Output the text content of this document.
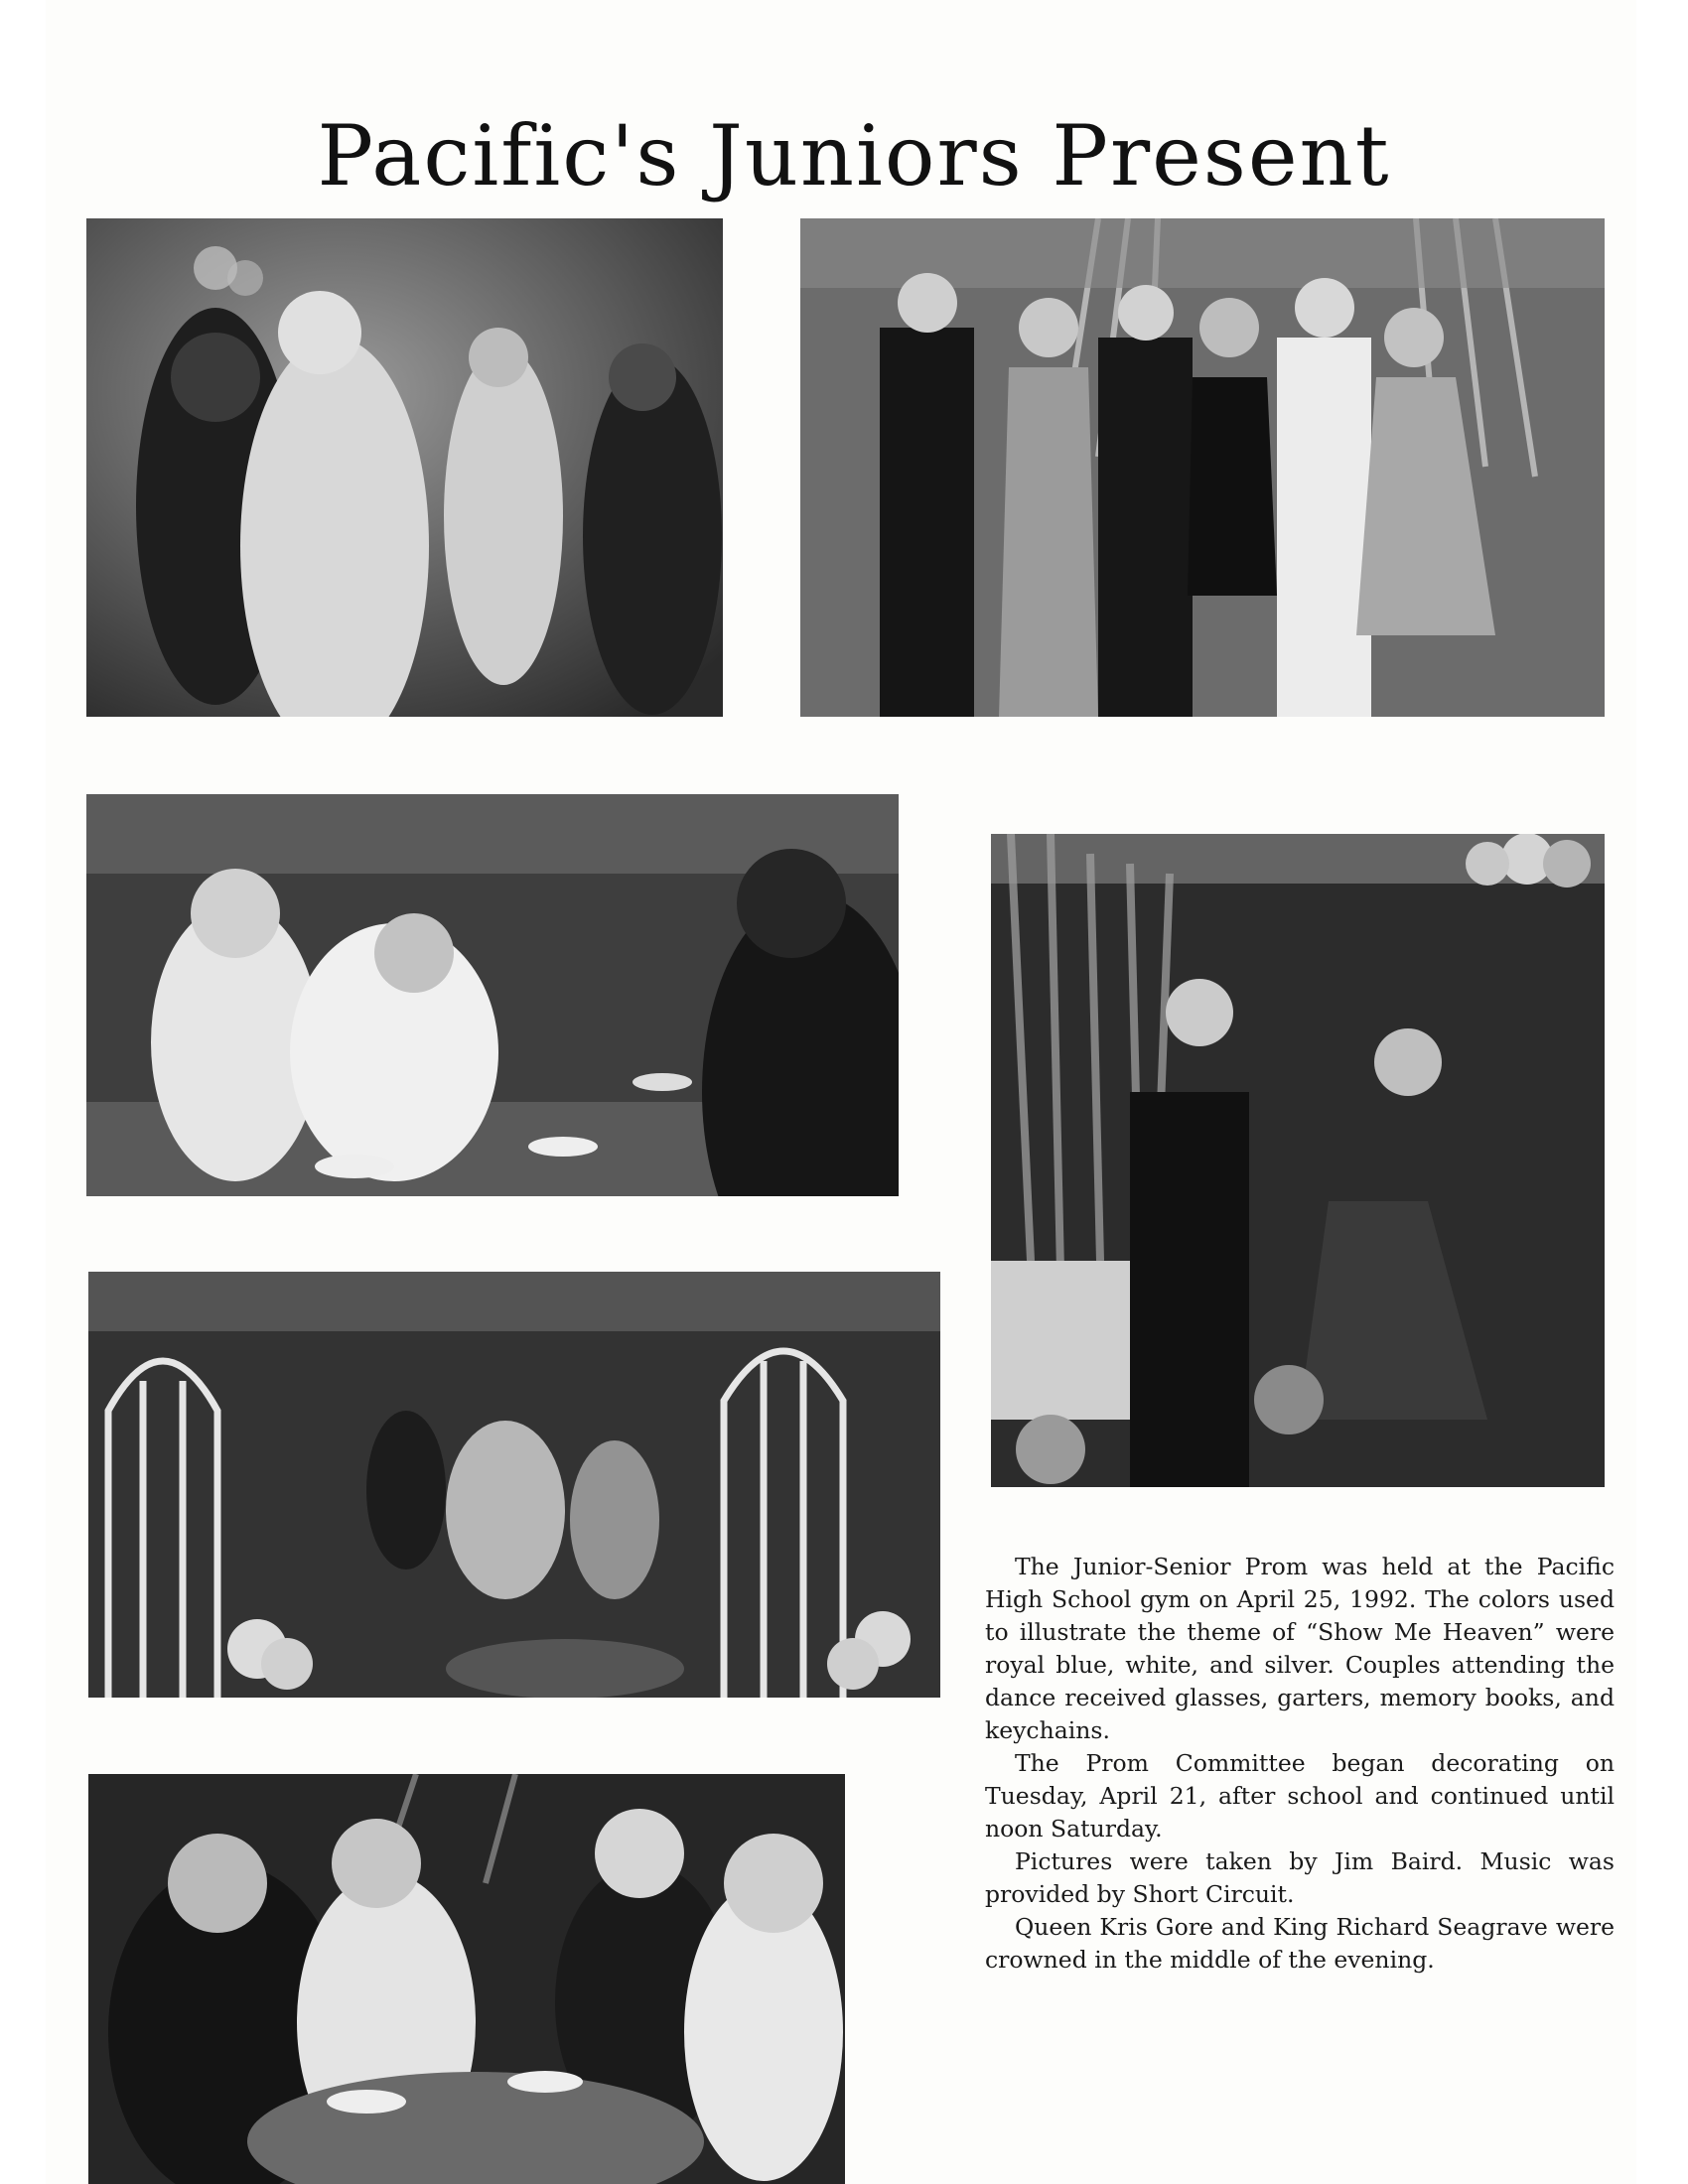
Pacific's Juniors Present

The Junior-Senior Prom was held at the Pacific High School gym on April 25, 1992. The colors used to illustrate the theme of “Show Me Heaven” were royal blue, white, and silver. Couples attending the dance received glasses, garters, memory books, and keychains.

The Prom Committee began decorating on Tuesday, April 21, after school and continued until noon Saturday.

Pictures were taken by Jim Baird. Music was provided by Short Circuit.

Queen Kris Gore and King Richard Seagrave were crowned in the middle of the evening.
